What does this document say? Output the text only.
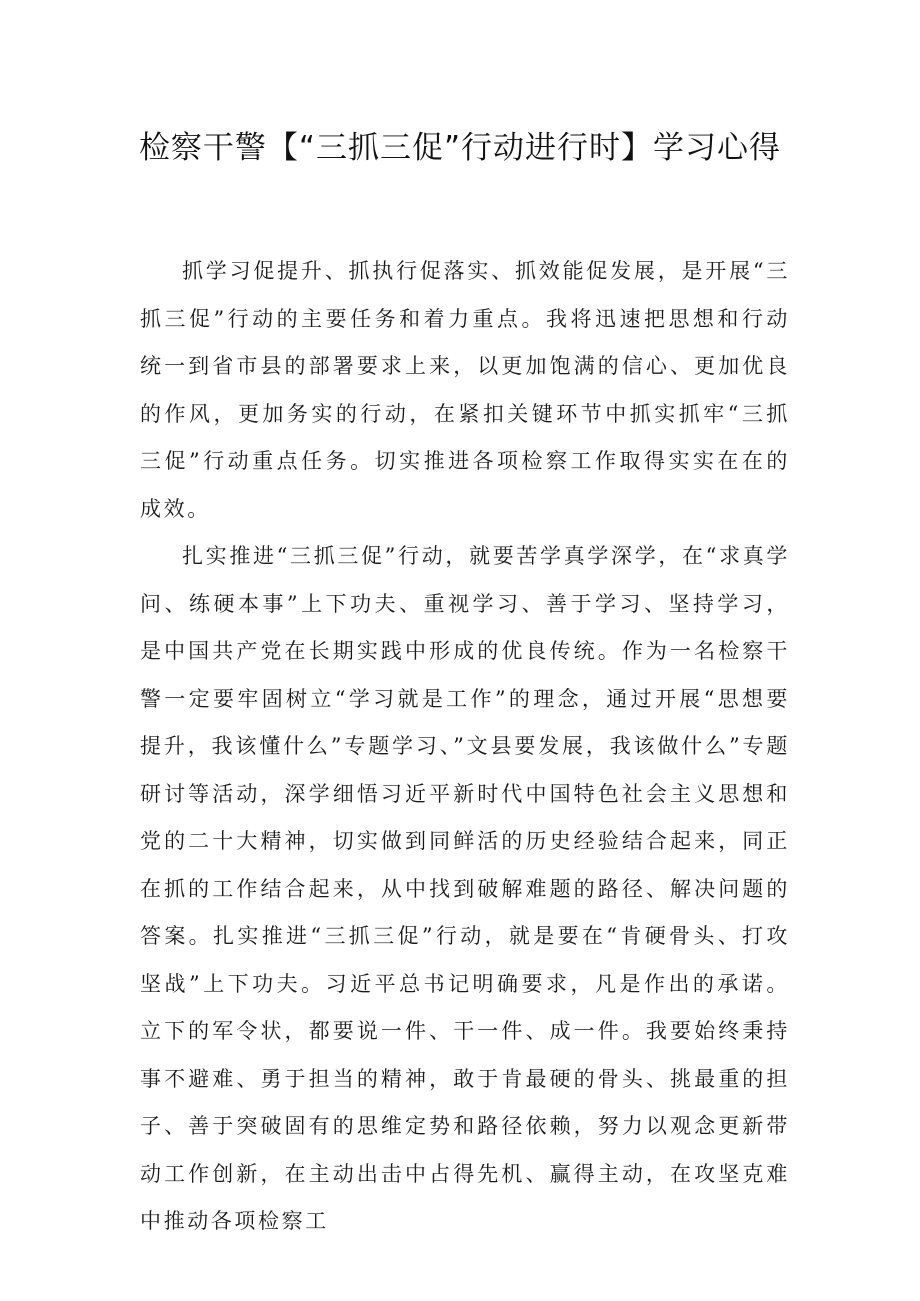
检察干警【“三抓三促”行动进行时】学习心得

抓学习促提升、抓执行促落实、抓效能促发展，是开展“三抓三促”行动的主要任务和着力重点。我将迅速把思想和行动统一到省市县的部署要求上来，以更加饱满的信心、更加优良的作风，更加务实的行动，在紧扣关键环节中抓实抓牢“三抓三促”行动重点任务。切实推进各项检察工作取得实实在在的成效。

扎实推进“三抓三促”行动，就要苦学真学深学，在“求真学问、练硬本事”上下功夫、重视学习、善于学习、坚持学习，是中国共产党在长期实践中形成的优良传统。作为一名检察干警一定要牢固树立“学习就是工作”的理念，通过开展“思想要提升，我该懂什么”专题学习、”文县要发展，我该做什么”专题研讨等活动，深学细悟习近平新时代中国特色社会主义思想和党的二十大精神，切实做到同鲜活的历史经验结合起来，同正在抓的工作结合起来，从中找到破解难题的路径、解决问题的答案。扎实推进“三抓三促”行动，就是要在“肯硬骨头、打攻坚战”上下功夫。习近平总书记明确要求，凡是作出的承诺。立下的军令状，都要说一件、干一件、成一件。我要始终秉持事不避难、勇于担当的精神，敢于肯最硬的骨头、挑最重的担子、善于突破固有的思维定势和路径依赖，努力以观念更新带动工作创新，在主动出击中占得先机、赢得主动，在攻坚克难中推动各项检察工
